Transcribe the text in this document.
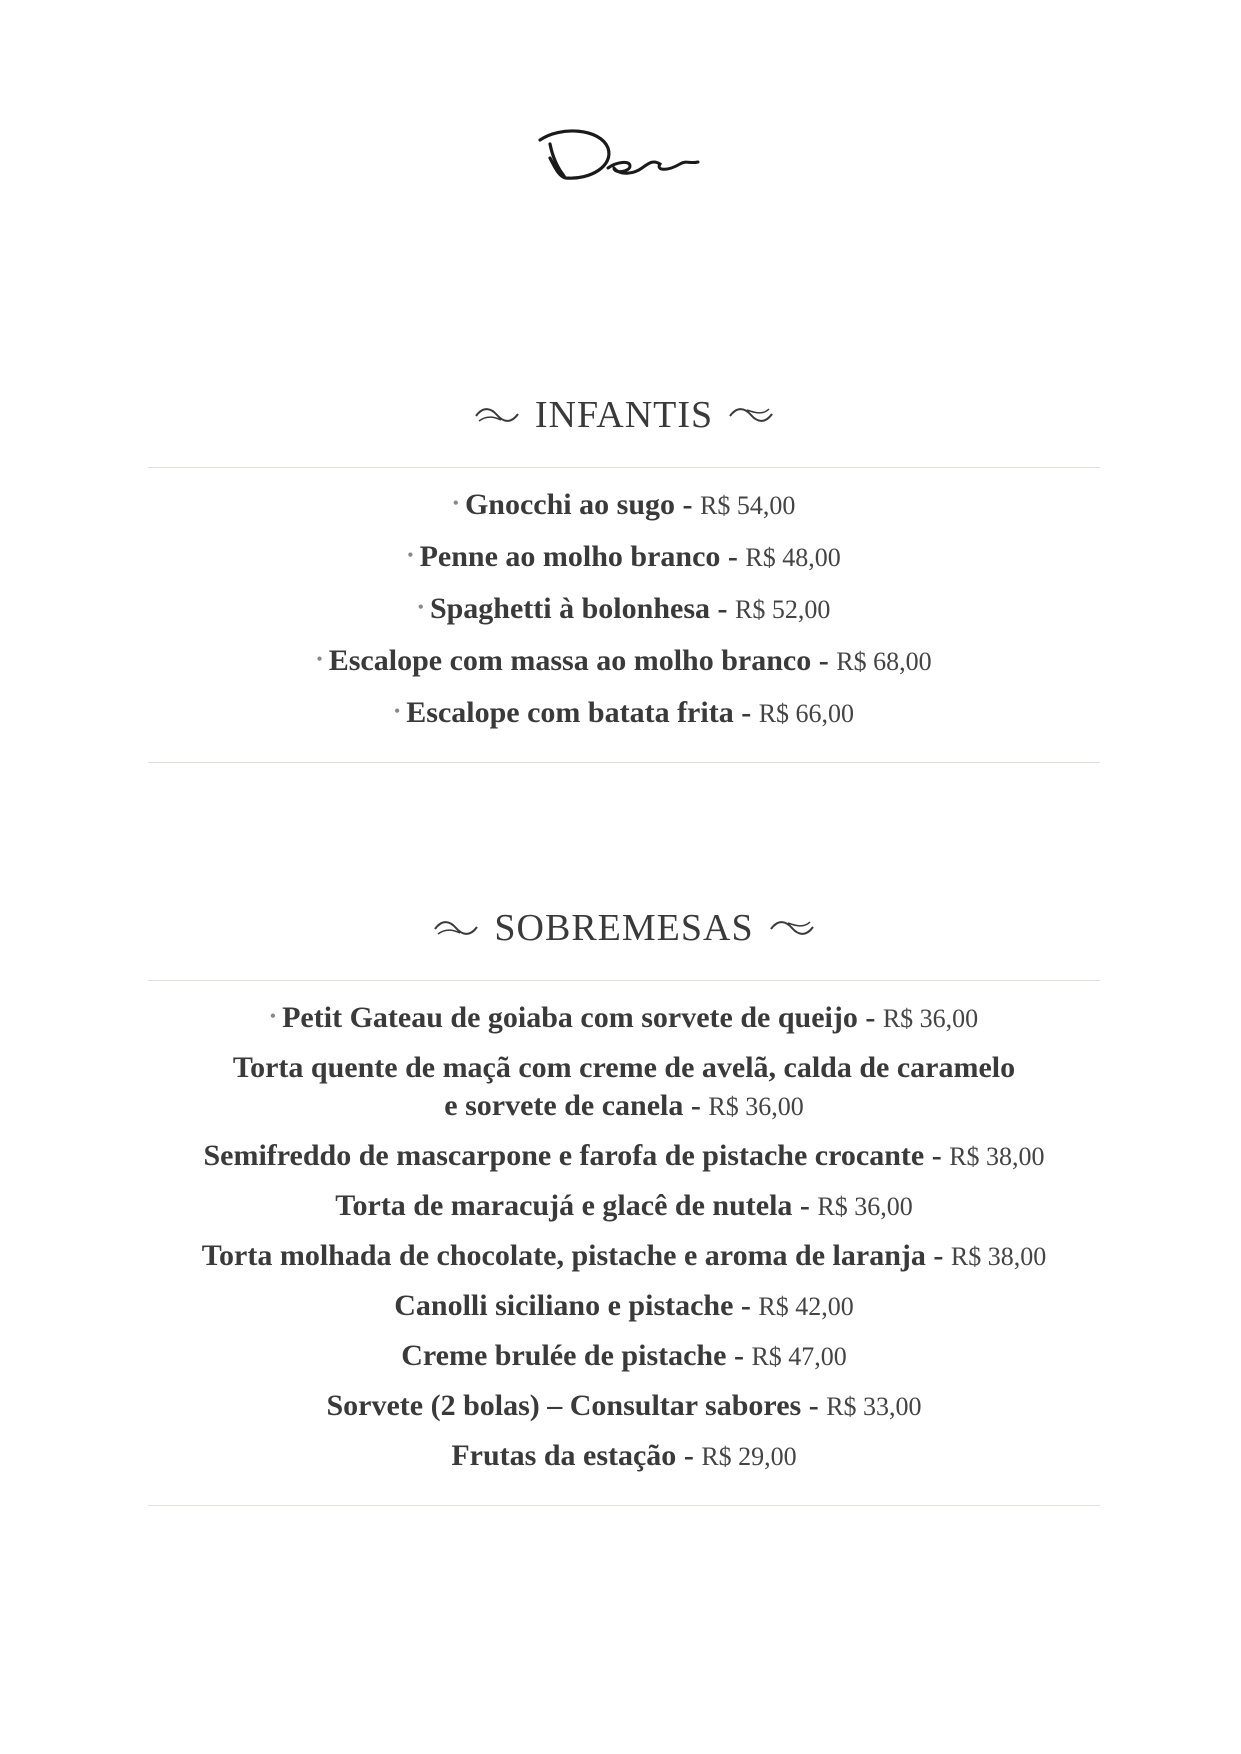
INFANTIS
• Gnocchi ao sugo - R$ 54,00
• Penne ao molho branco - R$ 48,00
• Spaghetti à bolonhesa - R$ 52,00
• Escalope com massa ao molho branco - R$ 68,00
• Escalope com batata frita - R$ 66,00
SOBREMESAS
• Petit Gateau de goiaba com sorvete de queijo - R$ 36,00
Torta quente de maçã com creme de avelã, calda de caramelo
e sorvete de canela - R$ 36,00
Semifreddo de mascarpone e farofa de pistache crocante - R$ 38,00
Torta de maracujá e glacê de nutela - R$ 36,00
Torta molhada de chocolate, pistache e aroma de laranja - R$ 38,00
Canolli siciliano e pistache - R$ 42,00
Creme brulée de pistache - R$ 47,00
Sorvete (2 bolas) – Consultar sabores - R$ 33,00
Frutas da estação - R$ 29,00
